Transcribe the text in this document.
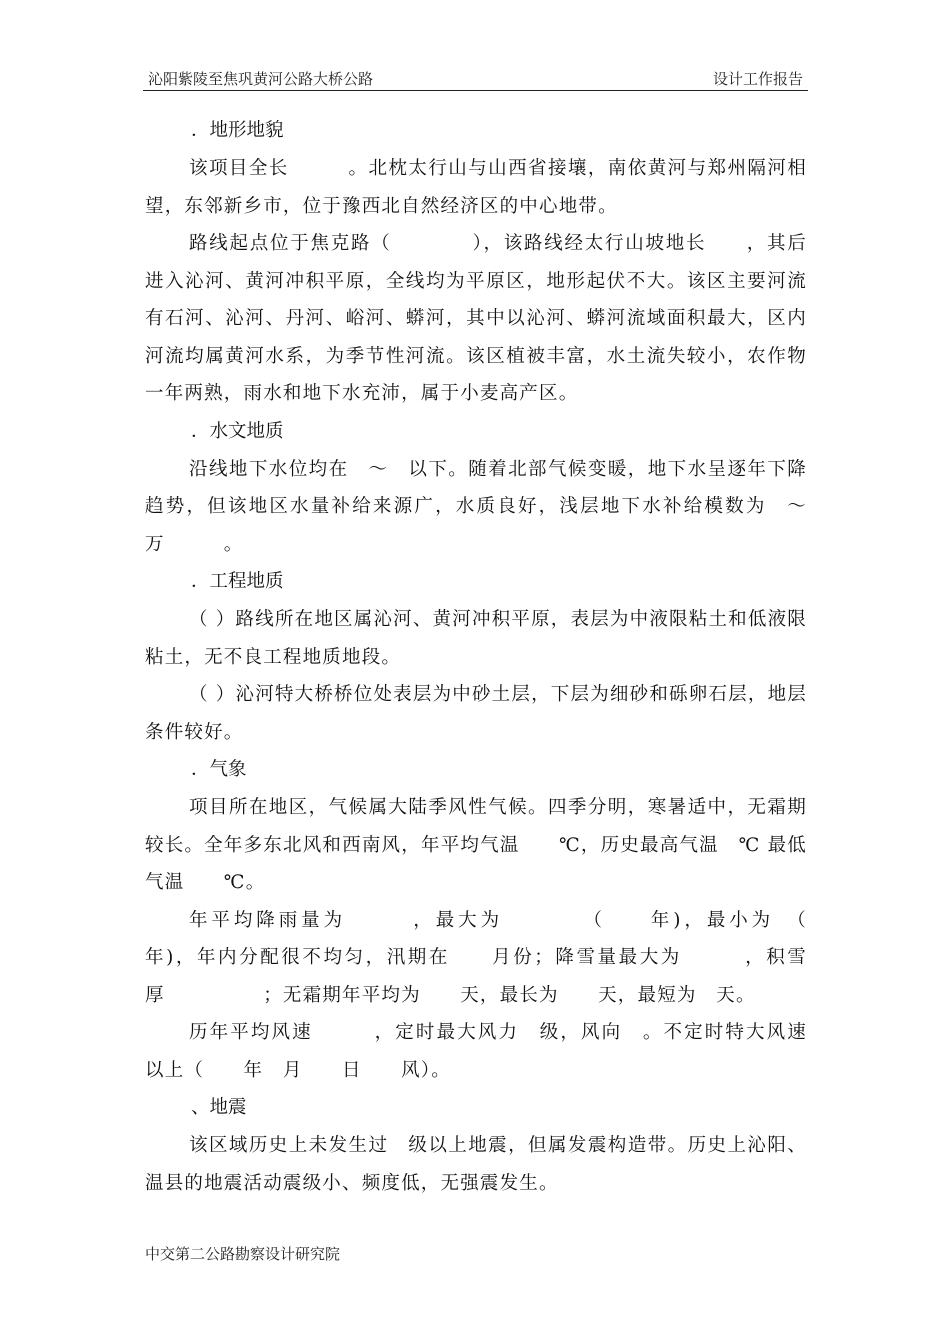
沁阳紫陵至焦巩黄河公路大桥公路	设计工作报告
．地形地貌

该项目全长　　　。北枕太行山与山西省接壤，南依黄河与郑州隔河相望，东邻新乡市，位于豫西北自然经济区的中心地带。

路线起点位于焦克路（　　　　），该路线经太行山坡地长　　，其后进入沁河、黄河冲积平原，全线均为平原区，地形起伏不大。该区主要河流有石河、沁河、丹河、峪河、蟒河，其中以沁河、蟒河流域面积最大，区内河流均属黄河水系，为季节性河流。该区植被丰富，水土流失较小，农作物一年两熟，雨水和地下水充沛，属于小麦高产区。

．水文地质

沿线地下水位均在　～　以下。随着北部气候变暖，地下水呈逐年下降趋势，但该地区水量补给来源广，水质良好，浅层地下水补给模数为　～　万　　　。

．工程地质

（ ）路线所在地区属沁河、黄河冲积平原，表层为中液限粘土和低液限粘土，无不良工程地质地段。

（ ）沁河特大桥桥位处表层为中砂土层，下层为细砂和砾卵石层，地层条件较好。

．气象

项目所在地区，气候属大陆季风性气候。四季分明，寒暑适中，无霜期较长。全年多东北风和西南风，年平均气温　　℃，历史最高气温　℃ 最低气温　　℃。

年平均降雨量为　　　，最大为　　　　（　　年)，最小为　（　　年)，年内分配很不均匀，汛期在　　月份；降雪量最大为　　　，积雪厚　　　　　；无霜期年平均为　　天，最长为　　天，最短为　天。

历年平均风速　　　，定时最大风力　级，风向　。不定时特大风速　　以上（　　年　月　　日　　风）。

、地震

该区域历史上未发生过　级以上地震，但属发震构造带。历史上沁阳、温县的地震活动震级小、频度低，无强震发生。

中交第二公路勘察设计研究院
